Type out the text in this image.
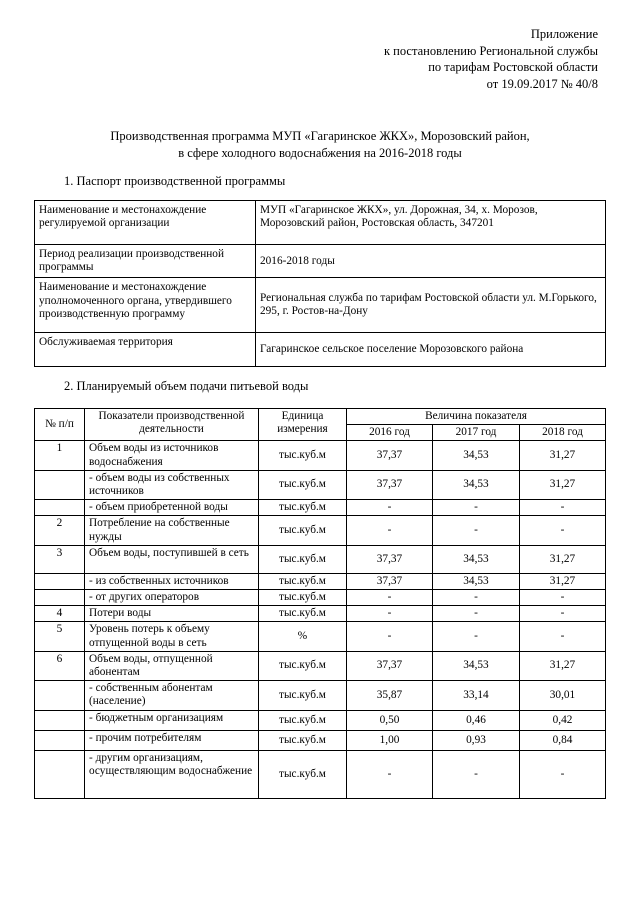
Приложение
к постановлению Региональной службы
по тарифам Ростовской области
от 19.09.2017 № 40/8
Производственная программа МУП «Гагаринское ЖКХ», Морозовский район,
в сфере холодного водоснабжения на 2016-2018 годы
1. Паспорт производственной программы
Наименование и местонахождение регулируемой организации	МУП «Гагаринское ЖКХ», ул. Дорожная, 34, х. Морозов, Морозовский район, Ростовская область, 347201
Период реализации производственной программы	2016-2018 годы
Наименование и местонахождение уполномоченного органа, утвердившего производственную программу	Региональная служба по тарифам Ростовской области ул. М.Горького, 295, г. Ростов-на-Дону
Обслуживаемая территория	Гагаринское сельское поселение Морозовского района
2. Планируемый объем подачи питьевой воды
№ п/п	Показатели производственной деятельности	Единица измерения	Величина показателя		
			2016 год	2017 год	2018 год
1	Объем воды из источников водоснабжения	тыс.куб.м	37,37	34,53	31,27
	- объем воды из собственных источников	тыс.куб.м	37,37	34,53	31,27
	- объем приобретенной воды	тыс.куб.м	-	-	-
2	Потребление на собственные нужды	тыс.куб.м	-	-	-
3	Объем воды, поступившей в сеть	тыс.куб.м	37,37	34,53	31,27
	- из собственных источников	тыс.куб.м	37,37	34,53	31,27
	- от других операторов	тыс.куб.м	-	-	-
4	Потери воды	тыс.куб.м	-	-	-
5	Уровень потерь к объему отпущенной воды в сеть	%	-	-	-
6	Объем воды, отпущенной абонентам	тыс.куб.м	37,37	34,53	31,27
	- собственным абонентам (население)	тыс.куб.м	35,87	33,14	30,01
	- бюджетным организациям	тыс.куб.м	0,50	0,46	0,42
	- прочим потребителям	тыс.куб.м	1,00	0,93	0,84
	- другим организациям, осуществляющим водоснабжение	тыс.куб.м	-	-	-
